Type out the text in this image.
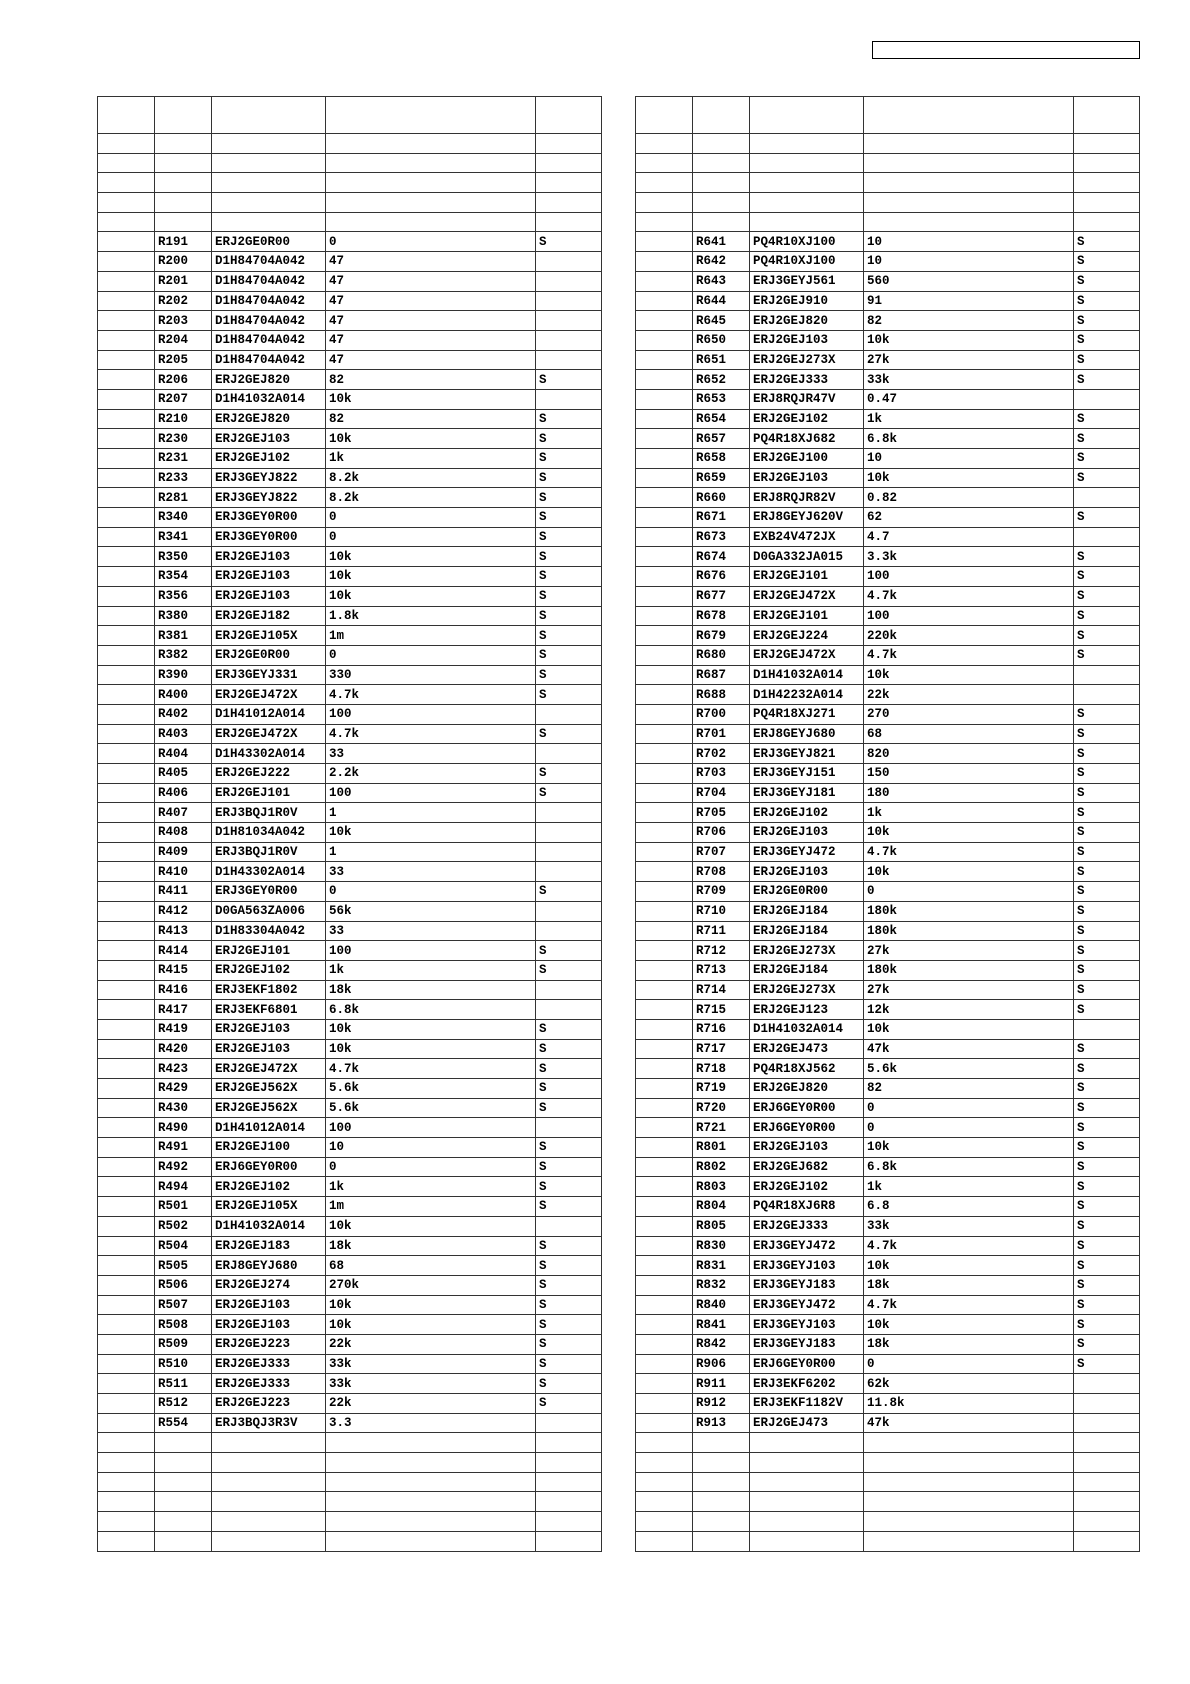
	R191	ERJ2GE0R00	0	S
	R200	D1H84704A042	47	
	R201	D1H84704A042	47	
	R202	D1H84704A042	47	
	R203	D1H84704A042	47	
	R204	D1H84704A042	47	
	R205	D1H84704A042	47	
	R206	ERJ2GEJ820	82	S
	R207	D1H41032A014	10k	
	R210	ERJ2GEJ820	82	S
	R230	ERJ2GEJ103	10k	S
	R231	ERJ2GEJ102	1k	S
	R233	ERJ3GEYJ822	8.2k	S
	R281	ERJ3GEYJ822	8.2k	S
	R340	ERJ3GEY0R00	0	S
	R341	ERJ3GEY0R00	0	S
	R350	ERJ2GEJ103	10k	S
	R354	ERJ2GEJ103	10k	S
	R356	ERJ2GEJ103	10k	S
	R380	ERJ2GEJ182	1.8k	S
	R381	ERJ2GEJ105X	1m	S
	R382	ERJ2GE0R00	0	S
	R390	ERJ3GEYJ331	330	S
	R400	ERJ2GEJ472X	4.7k	S
	R402	D1H41012A014	100	
	R403	ERJ2GEJ472X	4.7k	S
	R404	D1H43302A014	33	
	R405	ERJ2GEJ222	2.2k	S
	R406	ERJ2GEJ101	100	S
	R407	ERJ3BQJ1R0V	1	
	R408	D1H81034A042	10k	
	R409	ERJ3BQJ1R0V	1	
	R410	D1H43302A014	33	
	R411	ERJ3GEY0R00	0	S
	R412	D0GA563ZA006	56k	
	R413	D1H83304A042	33	
	R414	ERJ2GEJ101	100	S
	R415	ERJ2GEJ102	1k	S
	R416	ERJ3EKF1802	18k	
	R417	ERJ3EKF6801	6.8k	
	R419	ERJ2GEJ103	10k	S
	R420	ERJ2GEJ103	10k	S
	R423	ERJ2GEJ472X	4.7k	S
	R429	ERJ2GEJ562X	5.6k	S
	R430	ERJ2GEJ562X	5.6k	S
	R490	D1H41012A014	100	
	R491	ERJ2GEJ100	10	S
	R492	ERJ6GEY0R00	0	S
	R494	ERJ2GEJ102	1k	S
	R501	ERJ2GEJ105X	1m	S
	R502	D1H41032A014	10k	
	R504	ERJ2GEJ183	18k	S
	R505	ERJ8GEYJ680	68	S
	R506	ERJ2GEJ274	270k	S
	R507	ERJ2GEJ103	10k	S
	R508	ERJ2GEJ103	10k	S
	R509	ERJ2GEJ223	22k	S
	R510	ERJ2GEJ333	33k	S
	R511	ERJ2GEJ333	33k	S
	R512	ERJ2GEJ223	22k	S
	R554	ERJ3BQJ3R3V	3.3	

	R641	PQ4R10XJ100	10	S
	R642	PQ4R10XJ100	10	S
	R643	ERJ3GEYJ561	560	S
	R644	ERJ2GEJ910	91	S
	R645	ERJ2GEJ820	82	S
	R650	ERJ2GEJ103	10k	S
	R651	ERJ2GEJ273X	27k	S
	R652	ERJ2GEJ333	33k	S
	R653	ERJ8RQJR47V	0.47	
	R654	ERJ2GEJ102	1k	S
	R657	PQ4R18XJ682	6.8k	S
	R658	ERJ2GEJ100	10	S
	R659	ERJ2GEJ103	10k	S
	R660	ERJ8RQJR82V	0.82	
	R671	ERJ8GEYJ620V	62	S
	R673	EXB24V472JX	4.7	
	R674	D0GA332JA015	3.3k	S
	R676	ERJ2GEJ101	100	S
	R677	ERJ2GEJ472X	4.7k	S
	R678	ERJ2GEJ101	100	S
	R679	ERJ2GEJ224	220k	S
	R680	ERJ2GEJ472X	4.7k	S
	R687	D1H41032A014	10k	
	R688	D1H42232A014	22k	
	R700	PQ4R18XJ271	270	S
	R701	ERJ8GEYJ680	68	S
	R702	ERJ3GEYJ821	820	S
	R703	ERJ3GEYJ151	150	S
	R704	ERJ3GEYJ181	180	S
	R705	ERJ2GEJ102	1k	S
	R706	ERJ2GEJ103	10k	S
	R707	ERJ3GEYJ472	4.7k	S
	R708	ERJ2GEJ103	10k	S
	R709	ERJ2GE0R00	0	S
	R710	ERJ2GEJ184	180k	S
	R711	ERJ2GEJ184	180k	S
	R712	ERJ2GEJ273X	27k	S
	R713	ERJ2GEJ184	180k	S
	R714	ERJ2GEJ273X	27k	S
	R715	ERJ2GEJ123	12k	S
	R716	D1H41032A014	10k	
	R717	ERJ2GEJ473	47k	S
	R718	PQ4R18XJ562	5.6k	S
	R719	ERJ2GEJ820	82	S
	R720	ERJ6GEY0R00	0	S
	R721	ERJ6GEY0R00	0	S
	R801	ERJ2GEJ103	10k	S
	R802	ERJ2GEJ682	6.8k	S
	R803	ERJ2GEJ102	1k	S
	R804	PQ4R18XJ6R8	6.8	S
	R805	ERJ2GEJ333	33k	S
	R830	ERJ3GEYJ472	4.7k	S
	R831	ERJ3GEYJ103	10k	S
	R832	ERJ3GEYJ183	18k	S
	R840	ERJ3GEYJ472	4.7k	S
	R841	ERJ3GEYJ103	10k	S
	R842	ERJ3GEYJ183	18k	S
	R906	ERJ6GEY0R00	0	S
	R911	ERJ3EKF6202	62k	
	R912	ERJ3EKF1182V	11.8k	
	R913	ERJ2GEJ473	47k	
